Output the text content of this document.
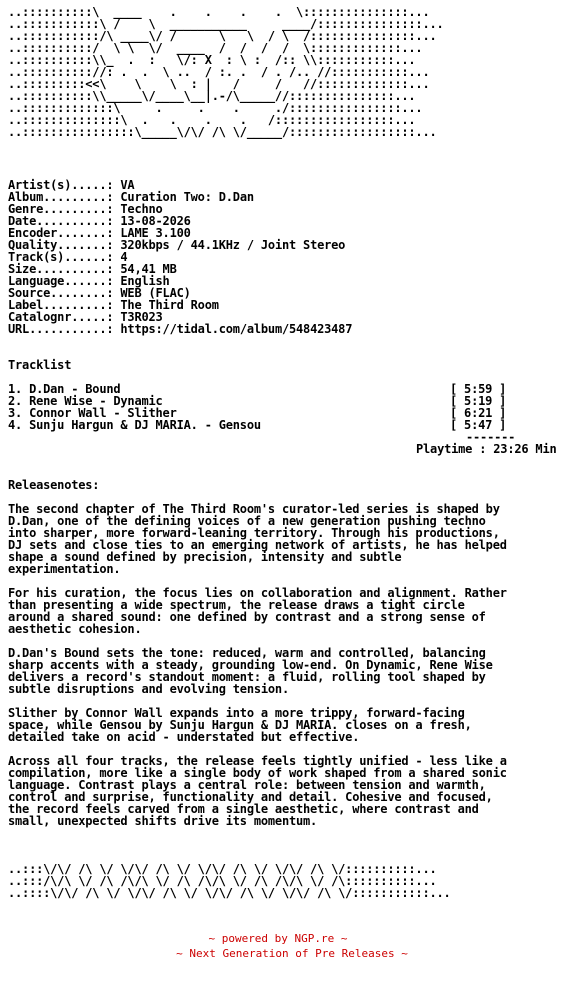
..::::::::::\  ____    .    .    .    .  \:::::::::::::::...
..:::::::::::\ /    \  ___________     ____/:::::::::::::::...
..:::::::::::/\ ____\/ /      \   \  / \  /:::::::::::::::...
..::::::::::/  \ \  \/  ____  /  /  /  /  \:::::::::::::...
..::::::::::\\_  .  :   \/: X  : \ :  /:: \\:::::::::::...
..:::::::::://: .  .  \ ..  / :. .  / . /.. //:::::::::::...
..:::::::::<<\    \    \  : |   /     /   //:::::::::::::...
..::::::::::\\_____\/____\__|.-/\_____//:::::::::::::::...
..:::::::::::::\     .     .    .     ./::::::::::::::::...
..::::::::::::::\  .   .    .    .   /:::::::::::::::::...
..::::::::::::::::\_____\/\/ /\ \/_____/::::::::::::::::::...
Artist(s).....: VA
Album.........: Curation Two: D.Dan
Genre.........: Techno
Date..........: 13-08-2026
Encoder.......: LAME 3.100
Quality.......: 320kbps / 44.1KHz / Joint Stereo
Track(s)......: 4
Size..........: 54,41 MB
Language......: English
Source........: WEB (FLAC)
Label.........: The Third Room
Catalognr.....: T3R023
URL...........: https://tidal.com/album/548423487
Tracklist
1. D.Dan - Bound	[ 5:59 ]
2. Rene Wise - Dynamic	[ 5:19 ]
3. Connor Wall - Slither	[ 6:21 ]
4. Sunju Hargun & DJ MARIA. - Gensou	[ 5:47 ]
-------
Playtime : 23:26 Min
Releasenotes:
The second chapter of The Third Room's curator-led series is shaped by
D.Dan, one of the defining voices of a new generation pushing techno
into sharper, more forward-leaning territory. Through his productions,
DJ sets and close ties to an emerging network of artists, he has helped
shape a sound defined by precision, intensity and subtle
experimentation.
For his curation, the focus lies on collaboration and alignment. Rather
than presenting a wide spectrum, the release draws a tight circle
around a shared sound: one defined by contrast and a strong sense of
aesthetic cohesion.
D.Dan's Bound sets the tone: reduced, warm and controlled, balancing
sharp accents with a steady, grounding low-end. On Dynamic, Rene Wise
delivers a record's standout moment: a fluid, rolling tool shaped by
subtle disruptions and evolving tension.
Slither by Connor Wall expands into a more trippy, forward-facing
space, while Gensou by Sunju Hargun & DJ MARIA. closes on a fresh,
detailed take on acid - understated but effective.
Across all four tracks, the release feels tightly unified - less like a
compilation, more like a single body of work shaped from a shared sonic
language. Contrast plays a central role: between tension and warmth,
control and surprise, functionality and detail. Cohesive and focused,
the record feels carved from a single aesthetic, where contrast and
small, unexpected shifts drive its momentum.
..:::\/\/ /\ \/ \/\/ /\ \/ \/\/ /\ \/ \/\/ /\ \/::::::::::...
..:::/\/\ \/ /\ /\/\ \/ /\ /\/\ \/ /\ /\/\ \/ /\::::::::::...
..::::\/\/ /\ \/ \/\/ /\ \/ \/\/ /\ \/ \/\/ /\ \/:::::::::::...
~ powered by NGP.re ~
~ Next Generation of Pre Releases ~
